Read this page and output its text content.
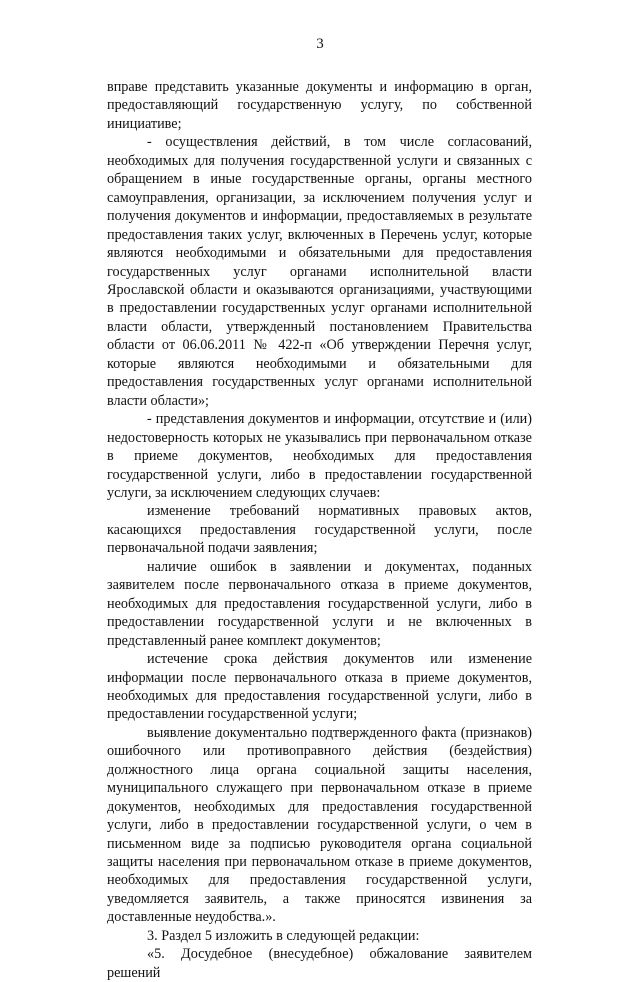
3

вправе представить указанные документы и информацию в орган, предоставляющий государственную услугу, по собственной инициативе;

- осуществления действий, в том числе согласований, необходимых для получения государственной услуги и связанных с обращением в иные государственные органы, органы местного самоуправления, организации, за исключением получения услуг и получения документов и информации, предоставляемых в результате предоставления таких услуг, включенных в Перечень услуг, которые являются необходимыми и обязательными для предоставления государственных услуг органами исполнительной власти Ярославской области и оказываются организациями, участвующими в предоставлении государственных услуг органами исполнительной власти области, утвержденный постановлением Правительства области от 06.06.2011 № 422-п «Об утверждении Перечня услуг, которые являются необходимыми и обязательными для предоставления государственных услуг органами исполнительной власти области»;

- представления документов и информации, отсутствие и (или) недостоверность которых не указывались при первоначальном отказе в приеме документов, необходимых для предоставления государственной услуги, либо в предоставлении государственной услуги, за исключением следующих случаев:

изменение требований нормативных правовых актов, касающихся предоставления государственной услуги, после первоначальной подачи заявления;

наличие ошибок в заявлении и документах, поданных заявителем после первоначального отказа в приеме документов, необходимых для предоставления государственной услуги, либо в предоставлении государственной услуги и не включенных в представленный ранее комплект документов;

истечение срока действия документов или изменение информации после первоначального отказа в приеме документов, необходимых для предоставления государственной услуги, либо в предоставлении государственной услуги;

выявление документально подтвержденного факта (признаков) ошибочного или противоправного действия (бездействия) должностного лица органа социальной защиты населения, муниципального служащего при первоначальном отказе в приеме документов, необходимых для предоставления государственной услуги, либо в предоставлении государственной услуги, о чем в письменном виде за подписью руководителя органа социальной защиты населения при первоначальном отказе в приеме документов, необходимых для предоставления государственной услуги, уведомляется заявитель, а также приносятся извинения за доставленные неудобства.».

3. Раздел 5 изложить в следующей редакции:

«5. Досудебное (внесудебное) обжалование заявителем решений
